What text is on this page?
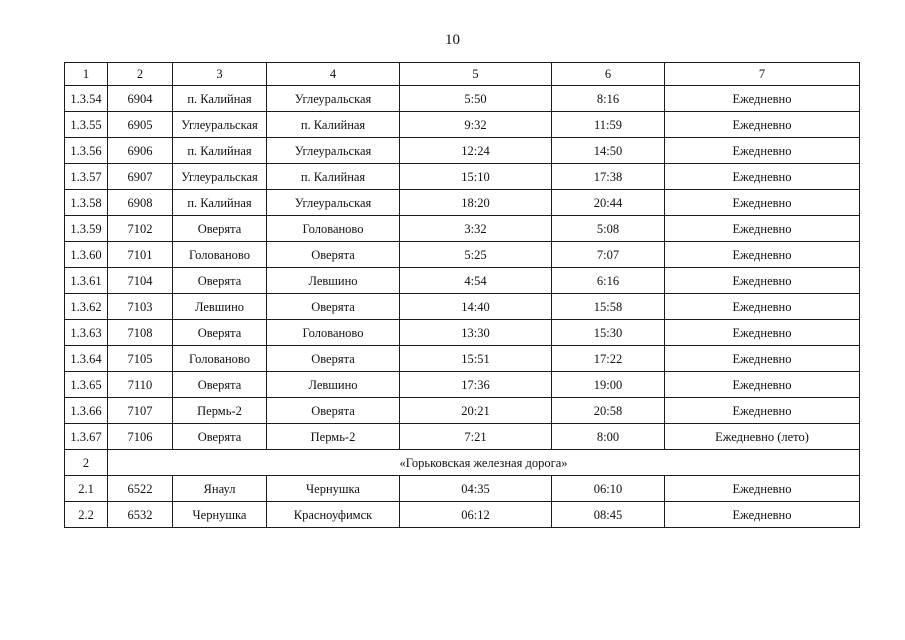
10
1	2	3	4	5	6	7
1.3.54	6904	п. Калийная	Углеуральская	5:50	8:16	Ежедневно
1.3.55	6905	Углеуральская	п. Калийная	9:32	11:59	Ежедневно
1.3.56	6906	п. Калийная	Углеуральская	12:24	14:50	Ежедневно
1.3.57	6907	Углеуральская	п. Калийная	15:10	17:38	Ежедневно
1.3.58	6908	п. Калийная	Углеуральская	18:20	20:44	Ежедневно
1.3.59	7102	Оверята	Голованово	3:32	5:08	Ежедневно
1.3.60	7101	Голованово	Оверята	5:25	7:07	Ежедневно
1.3.61	7104	Оверята	Левшино	4:54	6:16	Ежедневно
1.3.62	7103	Левшино	Оверята	14:40	15:58	Ежедневно
1.3.63	7108	Оверята	Голованово	13:30	15:30	Ежедневно
1.3.64	7105	Голованово	Оверята	15:51	17:22	Ежедневно
1.3.65	7110	Оверята	Левшино	17:36	19:00	Ежедневно
1.3.66	7107	Пермь-2	Оверята	20:21	20:58	Ежедневно
1.3.67	7106	Оверята	Пермь-2	7:21	8:00	Ежедневно (лето)
2	«Горьковская железная дорога»					
2.1	6522	Янаул	Чернушка	04:35	06:10	Ежедневно
2.2	6532	Чернушка	Красноуфимск	06:12	08:45	Ежедневно
